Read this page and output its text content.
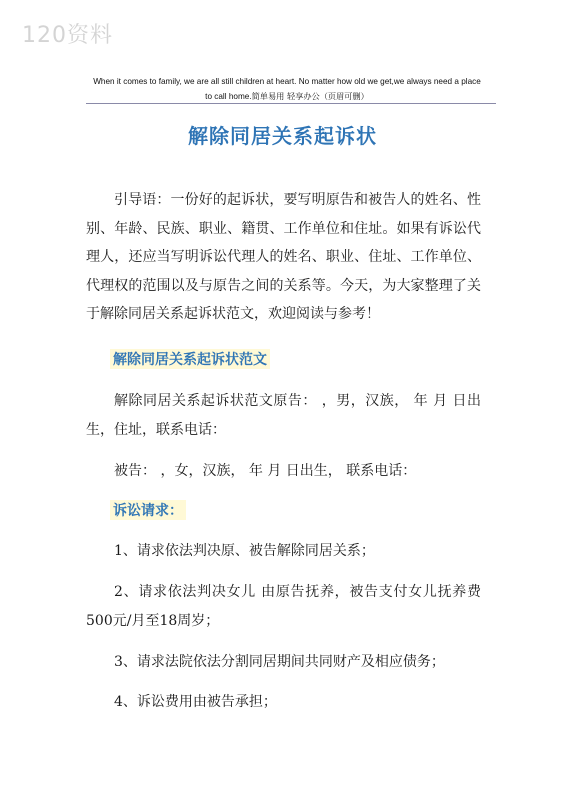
120资料
When it comes to family, we are all still children at heart. No matter how old we get,we always need a place to call home.简单易用 轻享办公（页眉可删）
解除同居关系起诉状
引导语：一份好的起诉状，要写明原告和被告人的姓名、性别、年龄、民族、职业、籍贯、工作单位和住址。如果有诉讼代理人，还应当写明诉讼代理人的姓名、职业、住址、工作单位、代理权的范围以及与原告之间的关系等。今天，为大家整理了关于解除同居关系起诉状范文，欢迎阅读与参考！
解除同居关系起诉状范文
解除同居关系起诉状范文原告： ，男，汉族， 年 月 日出生，住址，联系电话：
被告： ，女，汉族， 年 月 日出生， 联系电话：
诉讼请求：
1、请求依法判决原、被告解除同居关系；
2、请求依法判决女儿 由原告抚养，被告支付女儿抚养费500元/月至18周岁；
3、请求法院依法分割同居期间共同财产及相应债务；
4、诉讼费用由被告承担；
